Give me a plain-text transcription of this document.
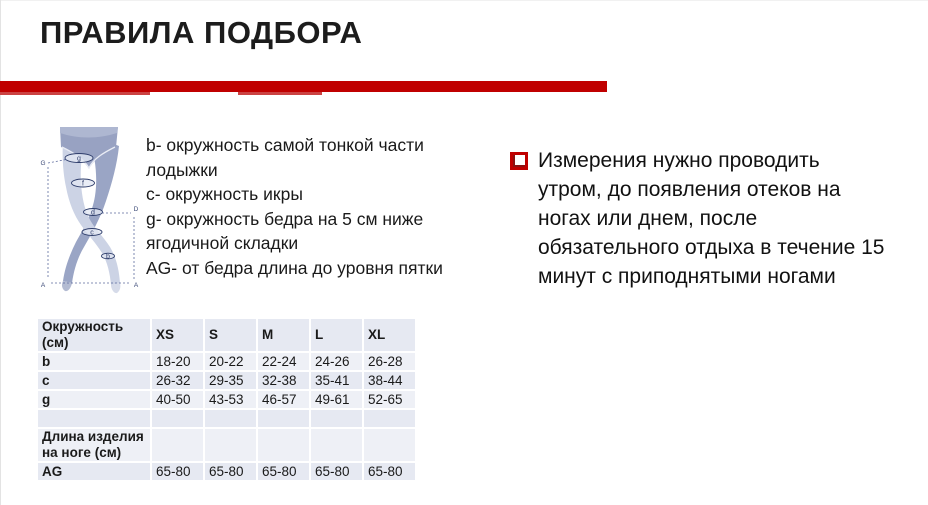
ПРАВИЛА ПОДБОРА
g
f
d
c
b
G
D
A	A

b- окружность самой тонкой части лодыжки

c- окружность икры

g- окружность бедра на 5 см ниже ягодичной складки

AG- от бедра длина до уровня пятки

Измерения нужно проводить
утром, до появления отеков на
ногах или днем, после
обязательного отдыха в течение 15
минут с приподнятыми ногами
Окружность (см)	XS	S	M	L	XL
b	18-20	20-22	22-24	24-26	26-28
c	26-32	29-35	32-38	35-41	38-44
g	40-50	43-53	46-57	49-61	52-65

Длина изделия на ноге (см)					
AG	65-80	65-80	65-80	65-80	65-80
